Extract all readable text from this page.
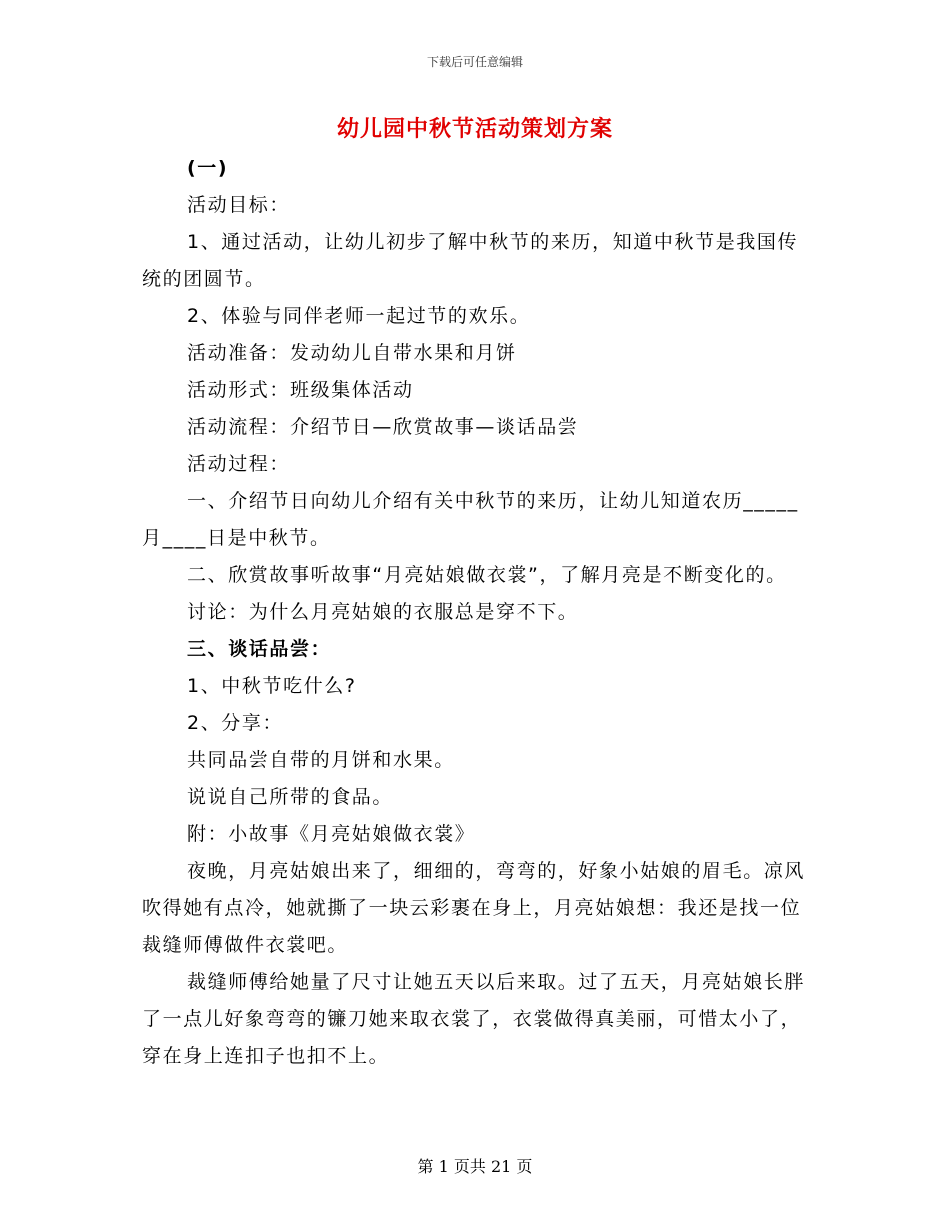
下载后可任意编辑
幼儿园中秋节活动策划方案

(一)

活动目标：

1、通过活动，让幼儿初步了解中秋节的来历，知道中秋节是我国传统的团圆节。

2、体验与同伴老师一起过节的欢乐。

活动准备：发动幼儿自带水果和月饼

活动形式：班级集体活动

活动流程：介绍节日—欣赏故事—谈话品尝

活动过程：

一、介绍节日向幼儿介绍有关中秋节的来历，让幼儿知道农历_____月____日是中秋节。

二、欣赏故事听故事“月亮姑娘做衣裳”，了解月亮是不断变化的。

讨论：为什么月亮姑娘的衣服总是穿不下。

三、谈话品尝：

1、中秋节吃什么?

2、分享：

共同品尝自带的月饼和水果。

说说自己所带的食品。

附：小故事《月亮姑娘做衣裳》

夜晚，月亮姑娘出来了，细细的，弯弯的，好象小姑娘的眉毛。凉风吹得她有点冷，她就撕了一块云彩裹在身上，月亮姑娘想：我还是找一位裁缝师傅做件衣裳吧。

裁缝师傅给她量了尺寸让她五天以后来取。过了五天，月亮姑娘长胖了一点儿好象弯弯的镰刀她来取衣裳了，衣裳做得真美丽，可惜太小了，穿在身上连扣子也扣不上。

第 1 页共 21 页
